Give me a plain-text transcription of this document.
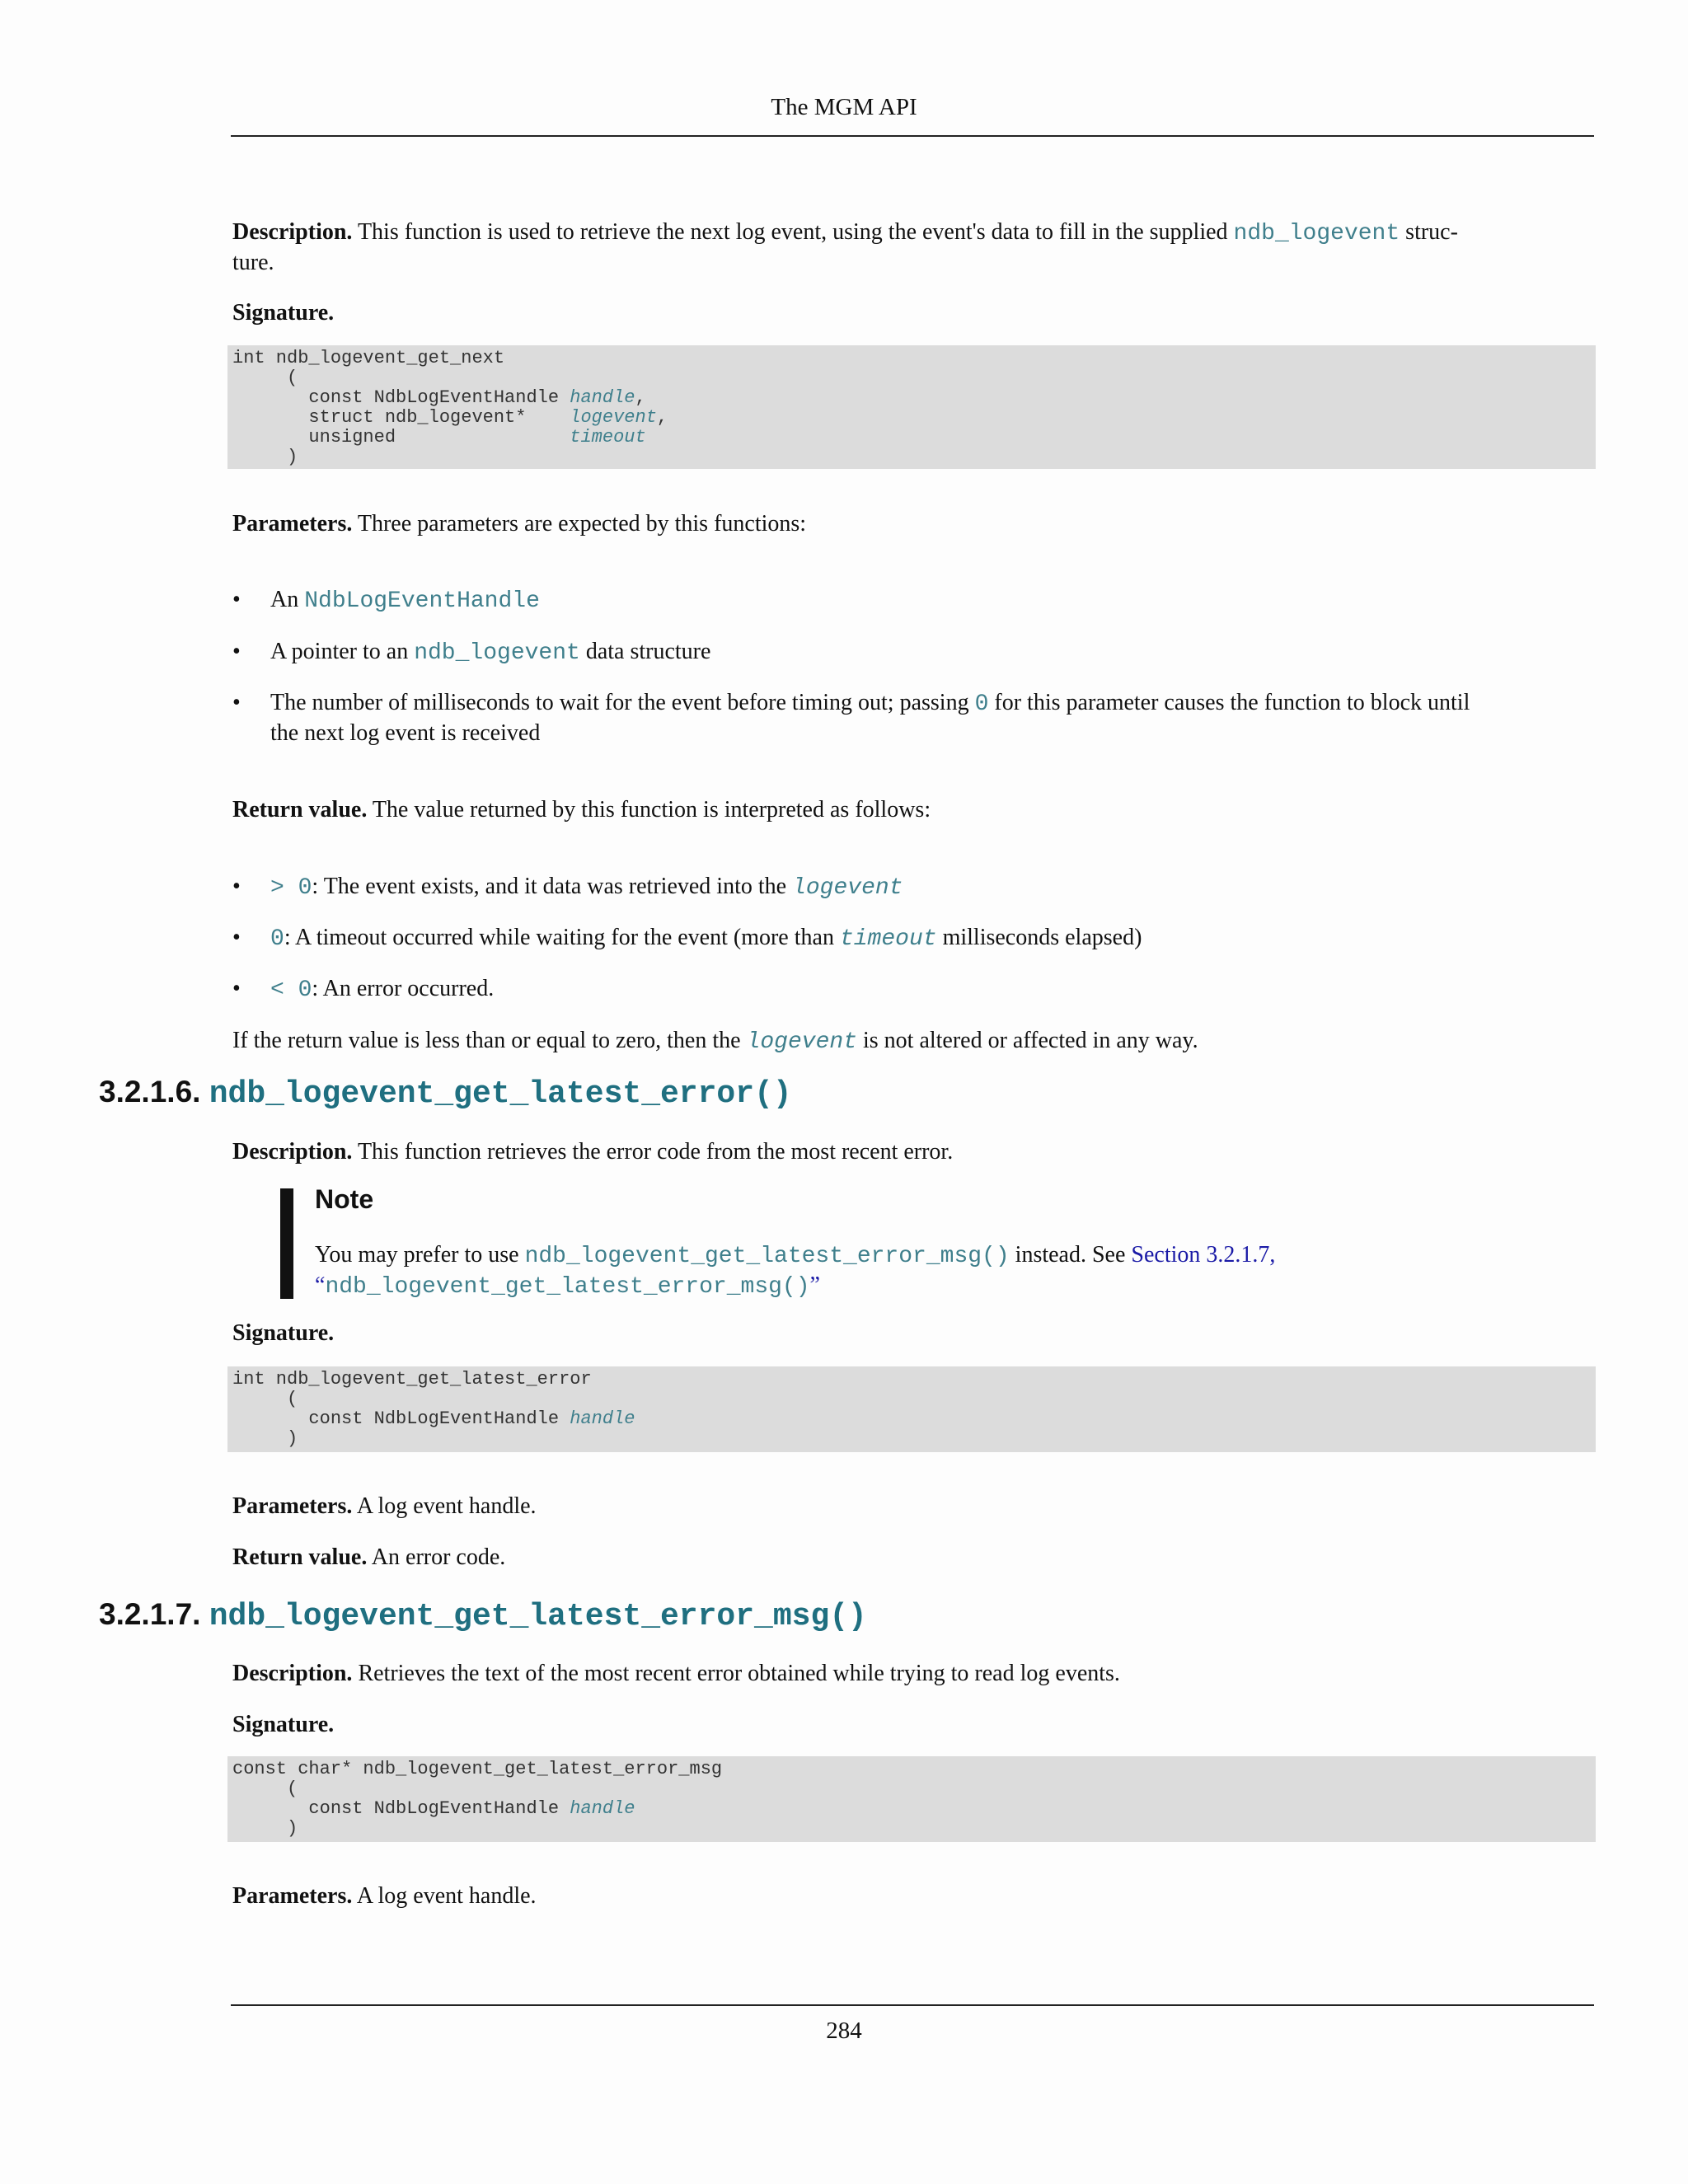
The MGM API
Description. This function is used to retrieve the next log event, using the event's data to fill in the supplied ndb_logevent struc-
ture.
Signature.
int ndb_logevent_get_next
(
const NdbLogEventHandle handle,
struct ndb_logevent*    logevent,
unsigned                timeout
)
Parameters. Three parameters are expected by this functions:
• An NdbLogEventHandle
• A pointer to an ndb_logevent data structure
• The number of milliseconds to wait for the event before timing out; passing 0 for this parameter causes the function to block until
the next log event is received
Return value. The value returned by this function is interpreted as follows:
• > 0: The event exists, and it data was retrieved into the logevent
• 0: A timeout occurred while waiting for the event (more than timeout milliseconds elapsed)
• < 0: An error occurred.
If the return value is less than or equal to zero, then the logevent is not altered or affected in any way.
3.2.1.6. ndb_logevent_get_latest_error()
Description. This function retrieves the error code from the most recent error.
Note
You may prefer to use ndb_logevent_get_latest_error_msg() instead. See Section 3.2.1.7,
“ndb_logevent_get_latest_error_msg()”
Signature.
int ndb_logevent_get_latest_error
(
const NdbLogEventHandle handle
)
Parameters. A log event handle.
Return value. An error code.
3.2.1.7. ndb_logevent_get_latest_error_msg()
Description. Retrieves the text of the most recent error obtained while trying to read log events.
Signature.
const char* ndb_logevent_get_latest_error_msg
(
const NdbLogEventHandle handle
)
Parameters. A log event handle.
284
